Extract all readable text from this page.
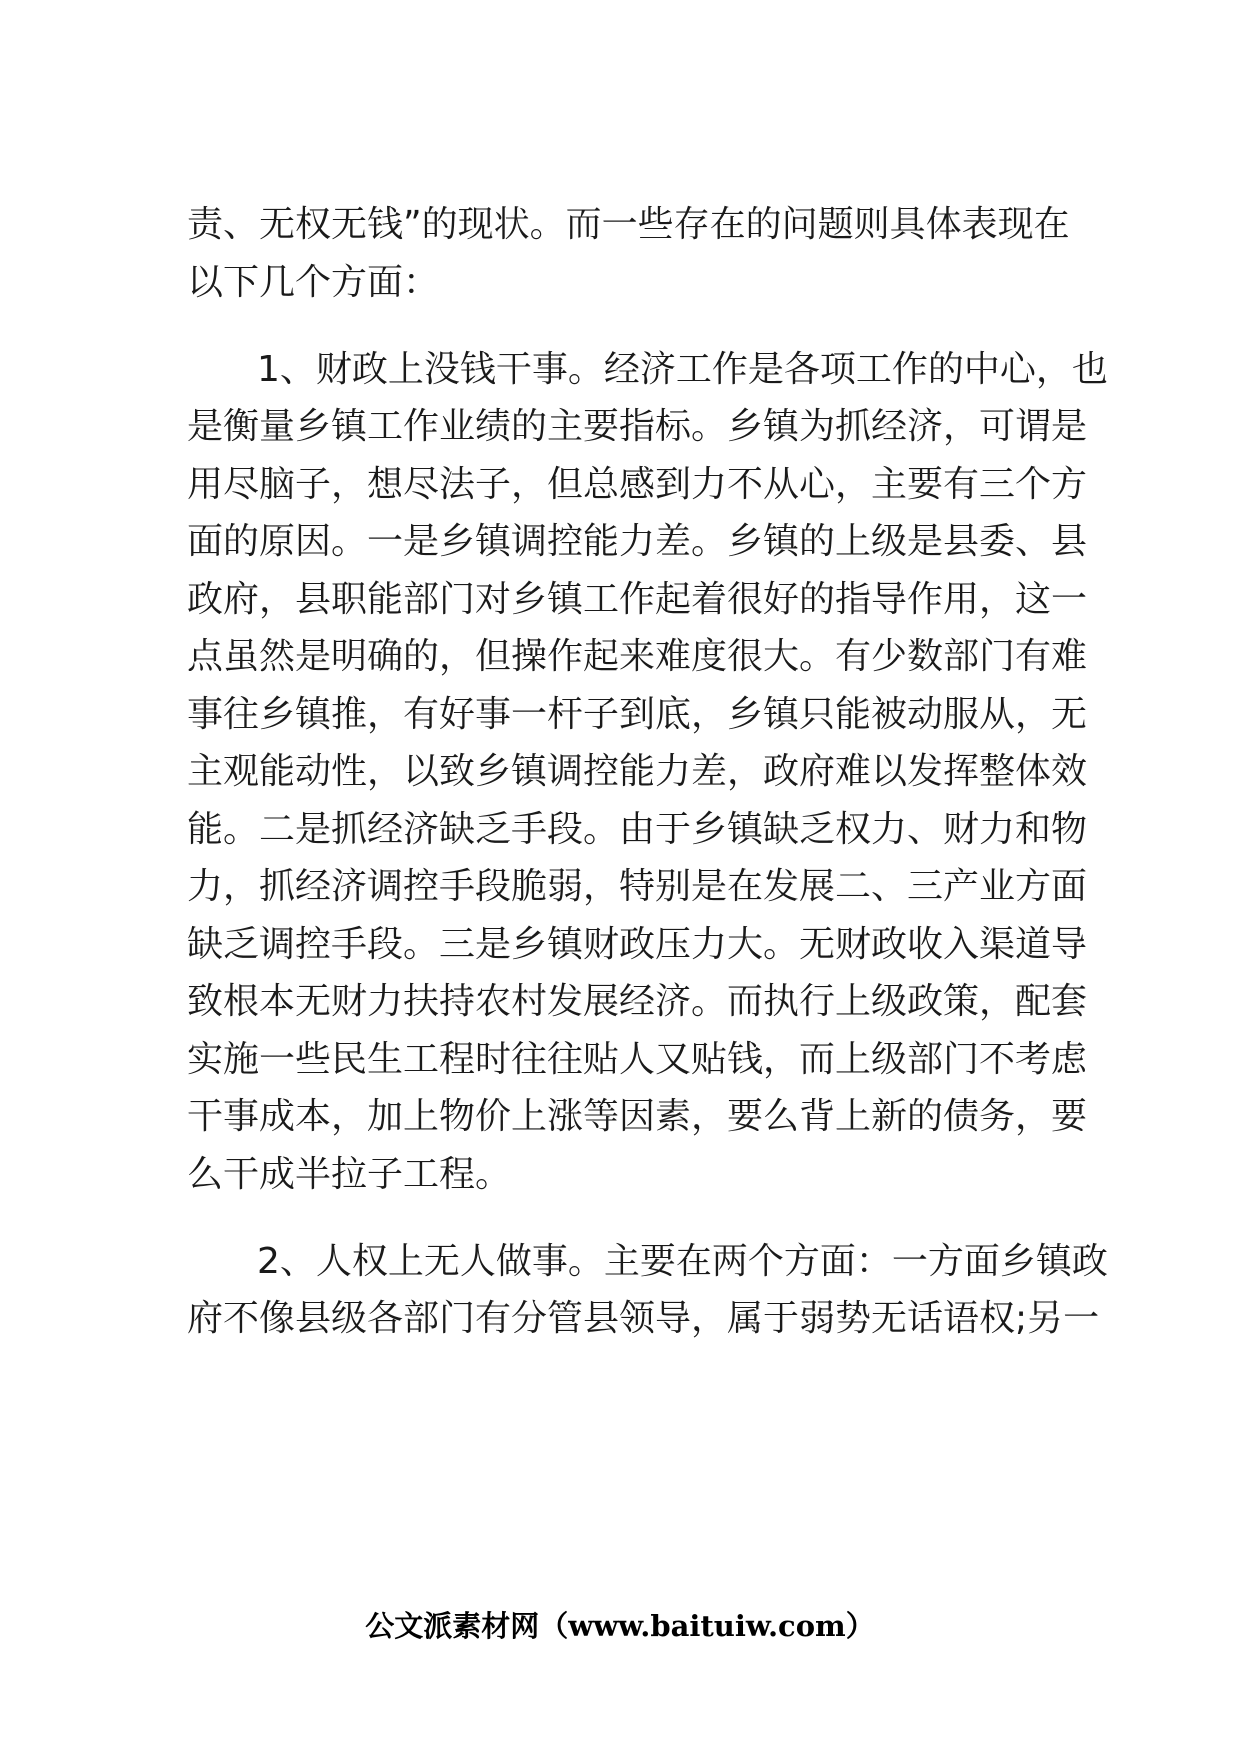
责、无权无钱”的现状。而一些存在的问题则具体表现在
以下几个方面：
1、财政上没钱干事。经济工作是各项工作的中心，也
是衡量乡镇工作业绩的主要指标。乡镇为抓经济，可谓是
用尽脑子，想尽法子，但总感到力不从心，主要有三个方
面的原因。一是乡镇调控能力差。乡镇的上级是县委、县
政府，县职能部门对乡镇工作起着很好的指导作用，这一
点虽然是明确的，但操作起来难度很大。有少数部门有难
事往乡镇推，有好事一杆子到底，乡镇只能被动服从，无
主观能动性，以致乡镇调控能力差，政府难以发挥整体效
能。二是抓经济缺乏手段。由于乡镇缺乏权力、财力和物
力，抓经济调控手段脆弱，特别是在发展二、三产业方面
缺乏调控手段。三是乡镇财政压力大。无财政收入渠道导
致根本无财力扶持农村发展经济。而执行上级政策，配套
实施一些民生工程时往往贴人又贴钱，而上级部门不考虑
干事成本，加上物价上涨等因素，要么背上新的债务，要
么干成半拉子工程。
2、人权上无人做事。主要在两个方面：一方面乡镇政
府不像县级各部门有分管县领导，属于弱势无话语权;另一
公文派素材网（www.baituiw.com）
